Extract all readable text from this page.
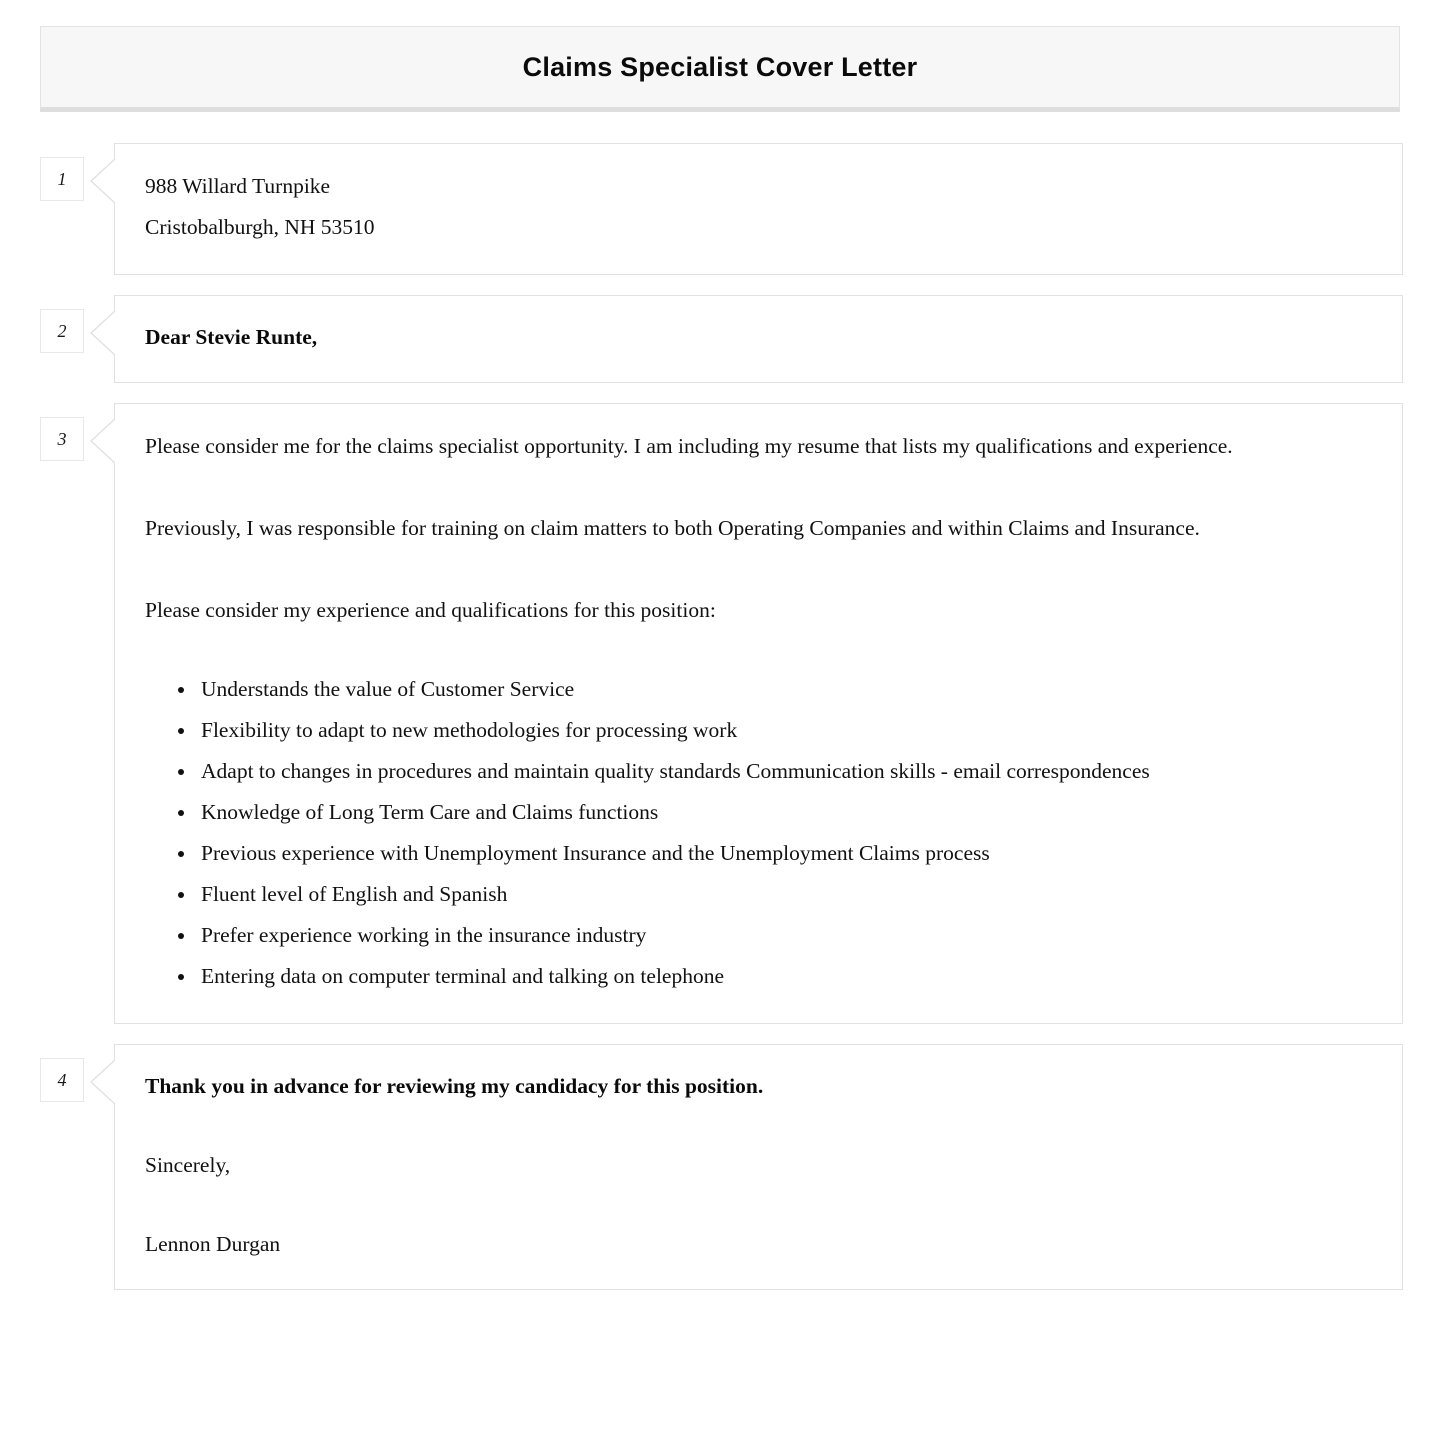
Claims Specialist Cover Letter
1	988 Willard Turnpike
Cristobalburgh, NH 53510
2	Dear Stevie Runte,
3	Please consider me for the claims specialist opportunity. I am including my resume that lists my qualifications and experience.

Previously, I was responsible for training on claim matters to both Operating Companies and within Claims and Insurance.

Please consider my experience and qualifications for this position:

• Understands the value of Customer Service
• Flexibility to adapt to new methodologies for processing work
• Adapt to changes in procedures and maintain quality standards Communication skills - email correspondences
• Knowledge of Long Term Care and Claims functions
• Previous experience with Unemployment Insurance and the Unemployment Claims process
• Fluent level of English and Spanish
• Prefer experience working in the insurance industry
• Entering data on computer terminal and talking on telephone
4	Thank you in advance for reviewing my candidacy for this position.
Sincerely,
Lennon Durgan
